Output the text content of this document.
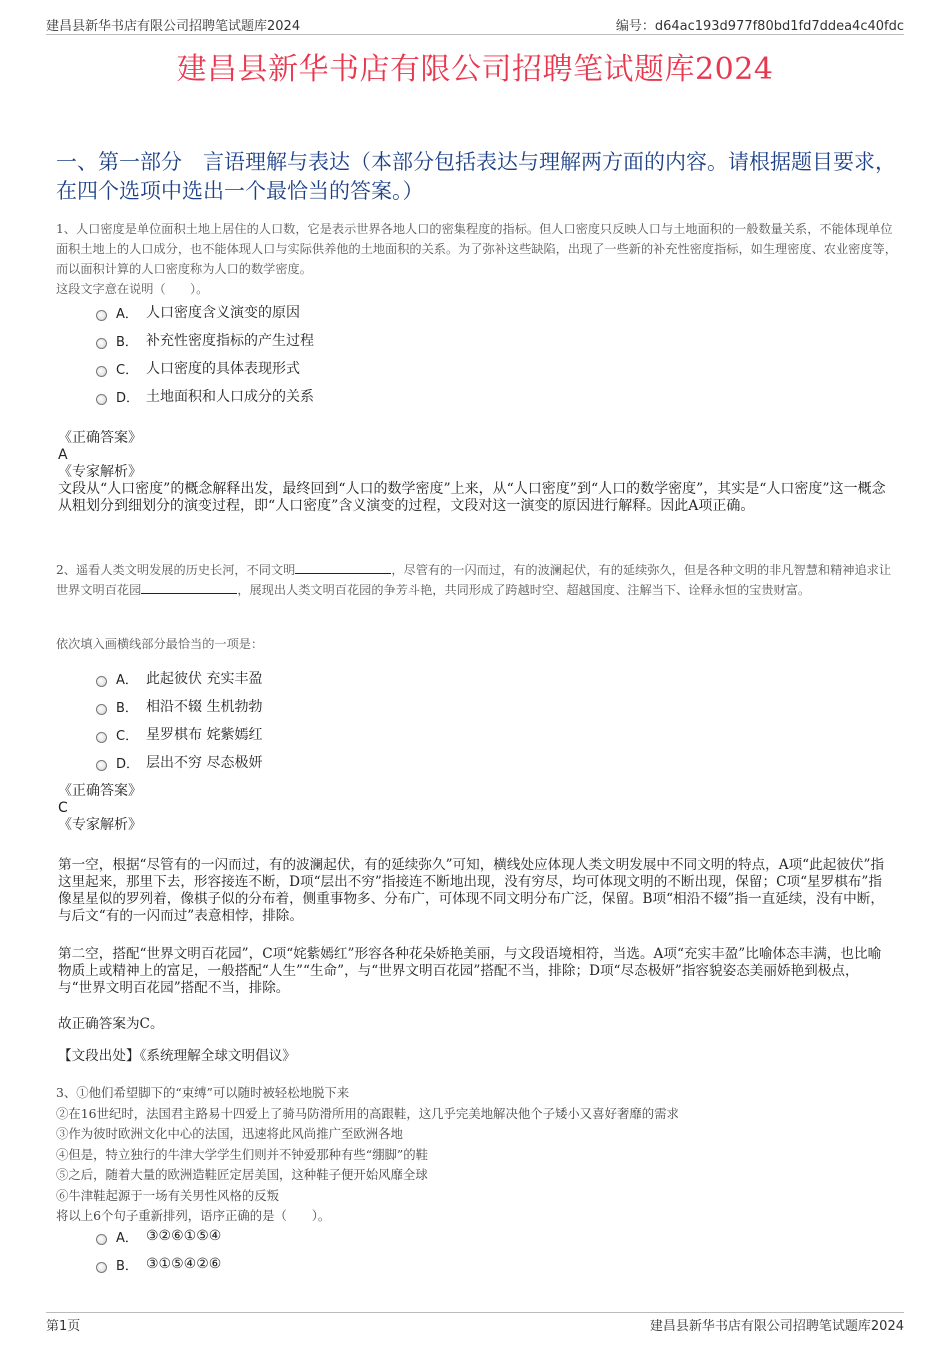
建昌县新华书店有限公司招聘笔试题库2024	编号：d64ac193d977f80bd1fd7ddea4c40fdc
建昌县新华书店有限公司招聘笔试题库2024
一、第一部分　言语理解与表达（本部分包括表达与理解两方面的内容。请根据题目要求，在四个选项中选出一个最恰当的答案。）
1、人口密度是单位面积土地上居住的人口数，它是表示世界各地人口的密集程度的指标。但人口密度只反映人口与土地面积的一般数量关系，不能体现单位面积土地上的人口成分，也不能体现人口与实际供养他的土地面积的关系。为了弥补这些缺陷，出现了一些新的补充性密度指标，如生理密度、农业密度等，而以面积计算的人口密度称为人口的数学密度。
这段文字意在说明（　　）。
A． 人口密度含义演变的原因
B． 补充性密度指标的产生过程
C． 人口密度的具体表现形式
D． 土地面积和人口成分的关系
《正确答案》
A
《专家解析》
文段从“人口密度”的概念解释出发，最终回到“人口的数学密度”上来，从“人口密度”到“人口的数学密度”，其实是“人口密度”这一概念从粗划分到细划分的演变过程，即“人口密度”含义演变的过程，文段对这一演变的原因进行解释。因此A项正确。
2、遥看人类文明发展的历史长河，不同文明	，尽管有的一闪而过，有的波澜起伏，有的延续弥久，但是各种文明的非凡智慧和精神追求让世界文明百花园	，展现出人类文明百花园的争芳斗艳，共同形成了跨越时空、超越国度、注解当下、诠释永恒的宝贵财富。
依次填入画横线部分最恰当的一项是：
A． 此起彼伏 充实丰盈
B． 相沿不辍 生机勃勃
C． 星罗棋布 姹紫嫣红
D． 层出不穷 尽态极妍
《正确答案》
C
《专家解析》
第一空，根据“尽管有的一闪而过，有的波澜起伏，有的延续弥久”可知，横线处应体现人类文明发展中不同文明的特点，A项“此起彼伏”指这里起来，那里下去，形容接连不断，D项“层出不穷”指接连不断地出现，没有穷尽，均可体现文明的不断出现，保留；C项“星罗棋布”指像星星似的罗列着，像棋子似的分布着，侧重事物多、分布广，可体现不同文明分布广泛，保留。B项“相沿不辍”指一直延续，没有中断，与后文“有的一闪而过”表意相悖，排除。
第二空，搭配“世界文明百花园”，C项“姹紫嫣红”形容各种花朵娇艳美丽，与文段语境相符，当选。A项“充实丰盈”比喻体态丰满，也比喻物质上或精神上的富足，一般搭配“人生”“生命”，与“世界文明百花园”搭配不当，排除；D项“尽态极妍”指容貌姿态美丽娇艳到极点，与“世界文明百花园”搭配不当，排除。
故正确答案为C。
【文段出处】《系统理解全球文明倡议》
3、①他们希望脚下的“束缚”可以随时被轻松地脱下来
②在16世纪时，法国君主路易十四爱上了骑马防滑所用的高跟鞋，这几乎完美地解决他个子矮小又喜好奢靡的需求
③作为彼时欧洲文化中心的法国，迅速将此风尚推广至欧洲各地
④但是，特立独行的牛津大学学生们则并不钟爱那种有些“绷脚”的鞋
⑤之后，随着大量的欧洲造鞋匠定居美国，这种鞋子便开始风靡全球
⑥牛津鞋起源于一场有关男性风格的反叛
将以上6个句子重新排列，语序正确的是（　　）。
A． ③②⑥①⑤④
B． ③①⑤④②⑥
第1页	建昌县新华书店有限公司招聘笔试题库2024
